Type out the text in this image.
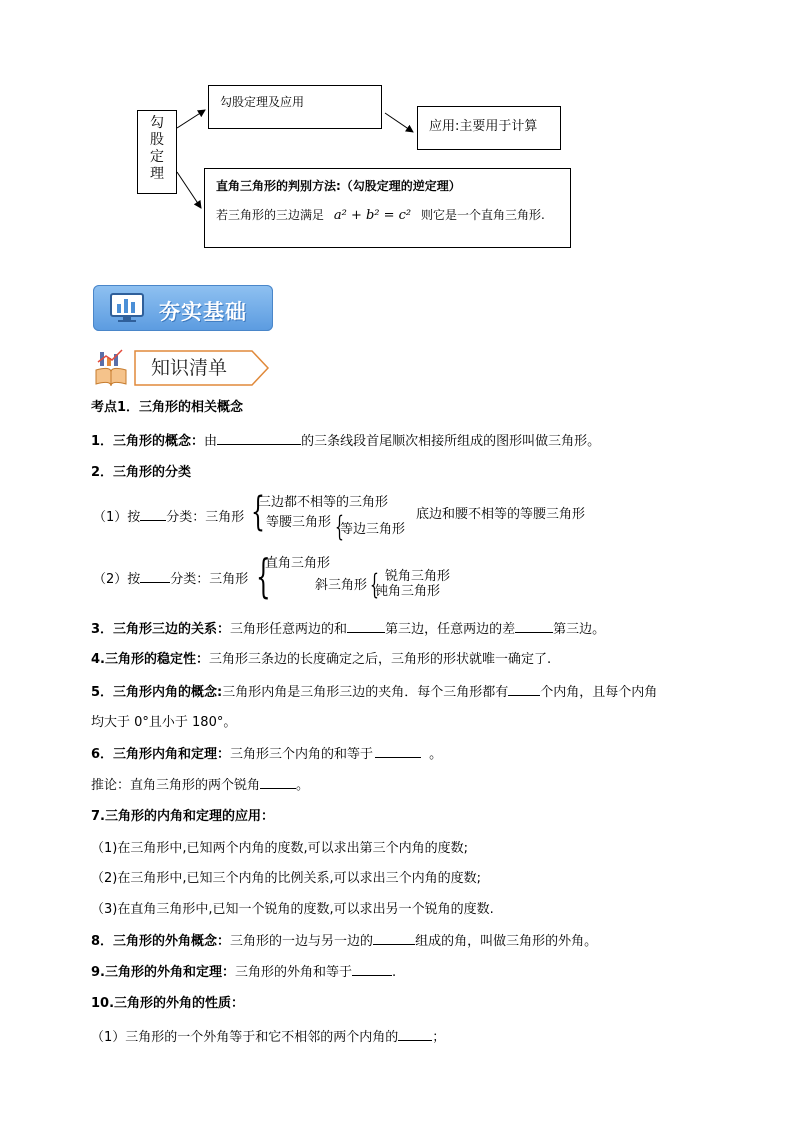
勾
股
定
理
勾股定理及应用
应用:主要用于计算
直角三角形的判别方法:（勾股定理的逆定理）
若三角形的三边满足 a² + b² = c² 则它是一个直角三角形.
夯实基础
知识清单
考点1．三角形的相关概念
1．三角形的概念：由	的三条线段首尾顺次相接所组成的图形叫做三角形。
2．三角形的分类
（1）按 分类：三角形 {
三边都不相等的三角形
等腰三角形 {	底边和腰不相等的等腰三角形
等边三角形
（2）按 分类：三角形 {
直角三角形
斜三角形 { 锐角三角形
钝角三角形
3．三角形三边的关系：三角形任意两边的和	第三边，任意两边的差	第三边。
4.三角形的稳定性：三角形三条边的长度确定之后，三角形的形状就唯一确定了.
5．三角形内角的概念:三角形内角是三角形三边的夹角．每个三角形都有 个内角，且每个内角
均大于 0°且小于 180°。
6．三角形内角和定理：三角形三个内角的和等于	。
推论：直角三角形的两个锐角	。
7.三角形的内角和定理的应用：
（1)在三角形中,已知两个内角的度数,可以求出第三个内角的度数;
（2)在三角形中,已知三个内角的比例关系,可以求出三个内角的度数;
（3)在直角三角形中,已知一个锐角的度数,可以求出另一个锐角的度数.
8．三角形的外角概念：三角形的一边与另一边的	组成的角，叫做三角形的外角。
9.三角形的外角和定理：三角形的外角和等于	.
10.三角形的外角的性质：
（1）三角形的一个外角等于和它不相邻的两个内角的	；
